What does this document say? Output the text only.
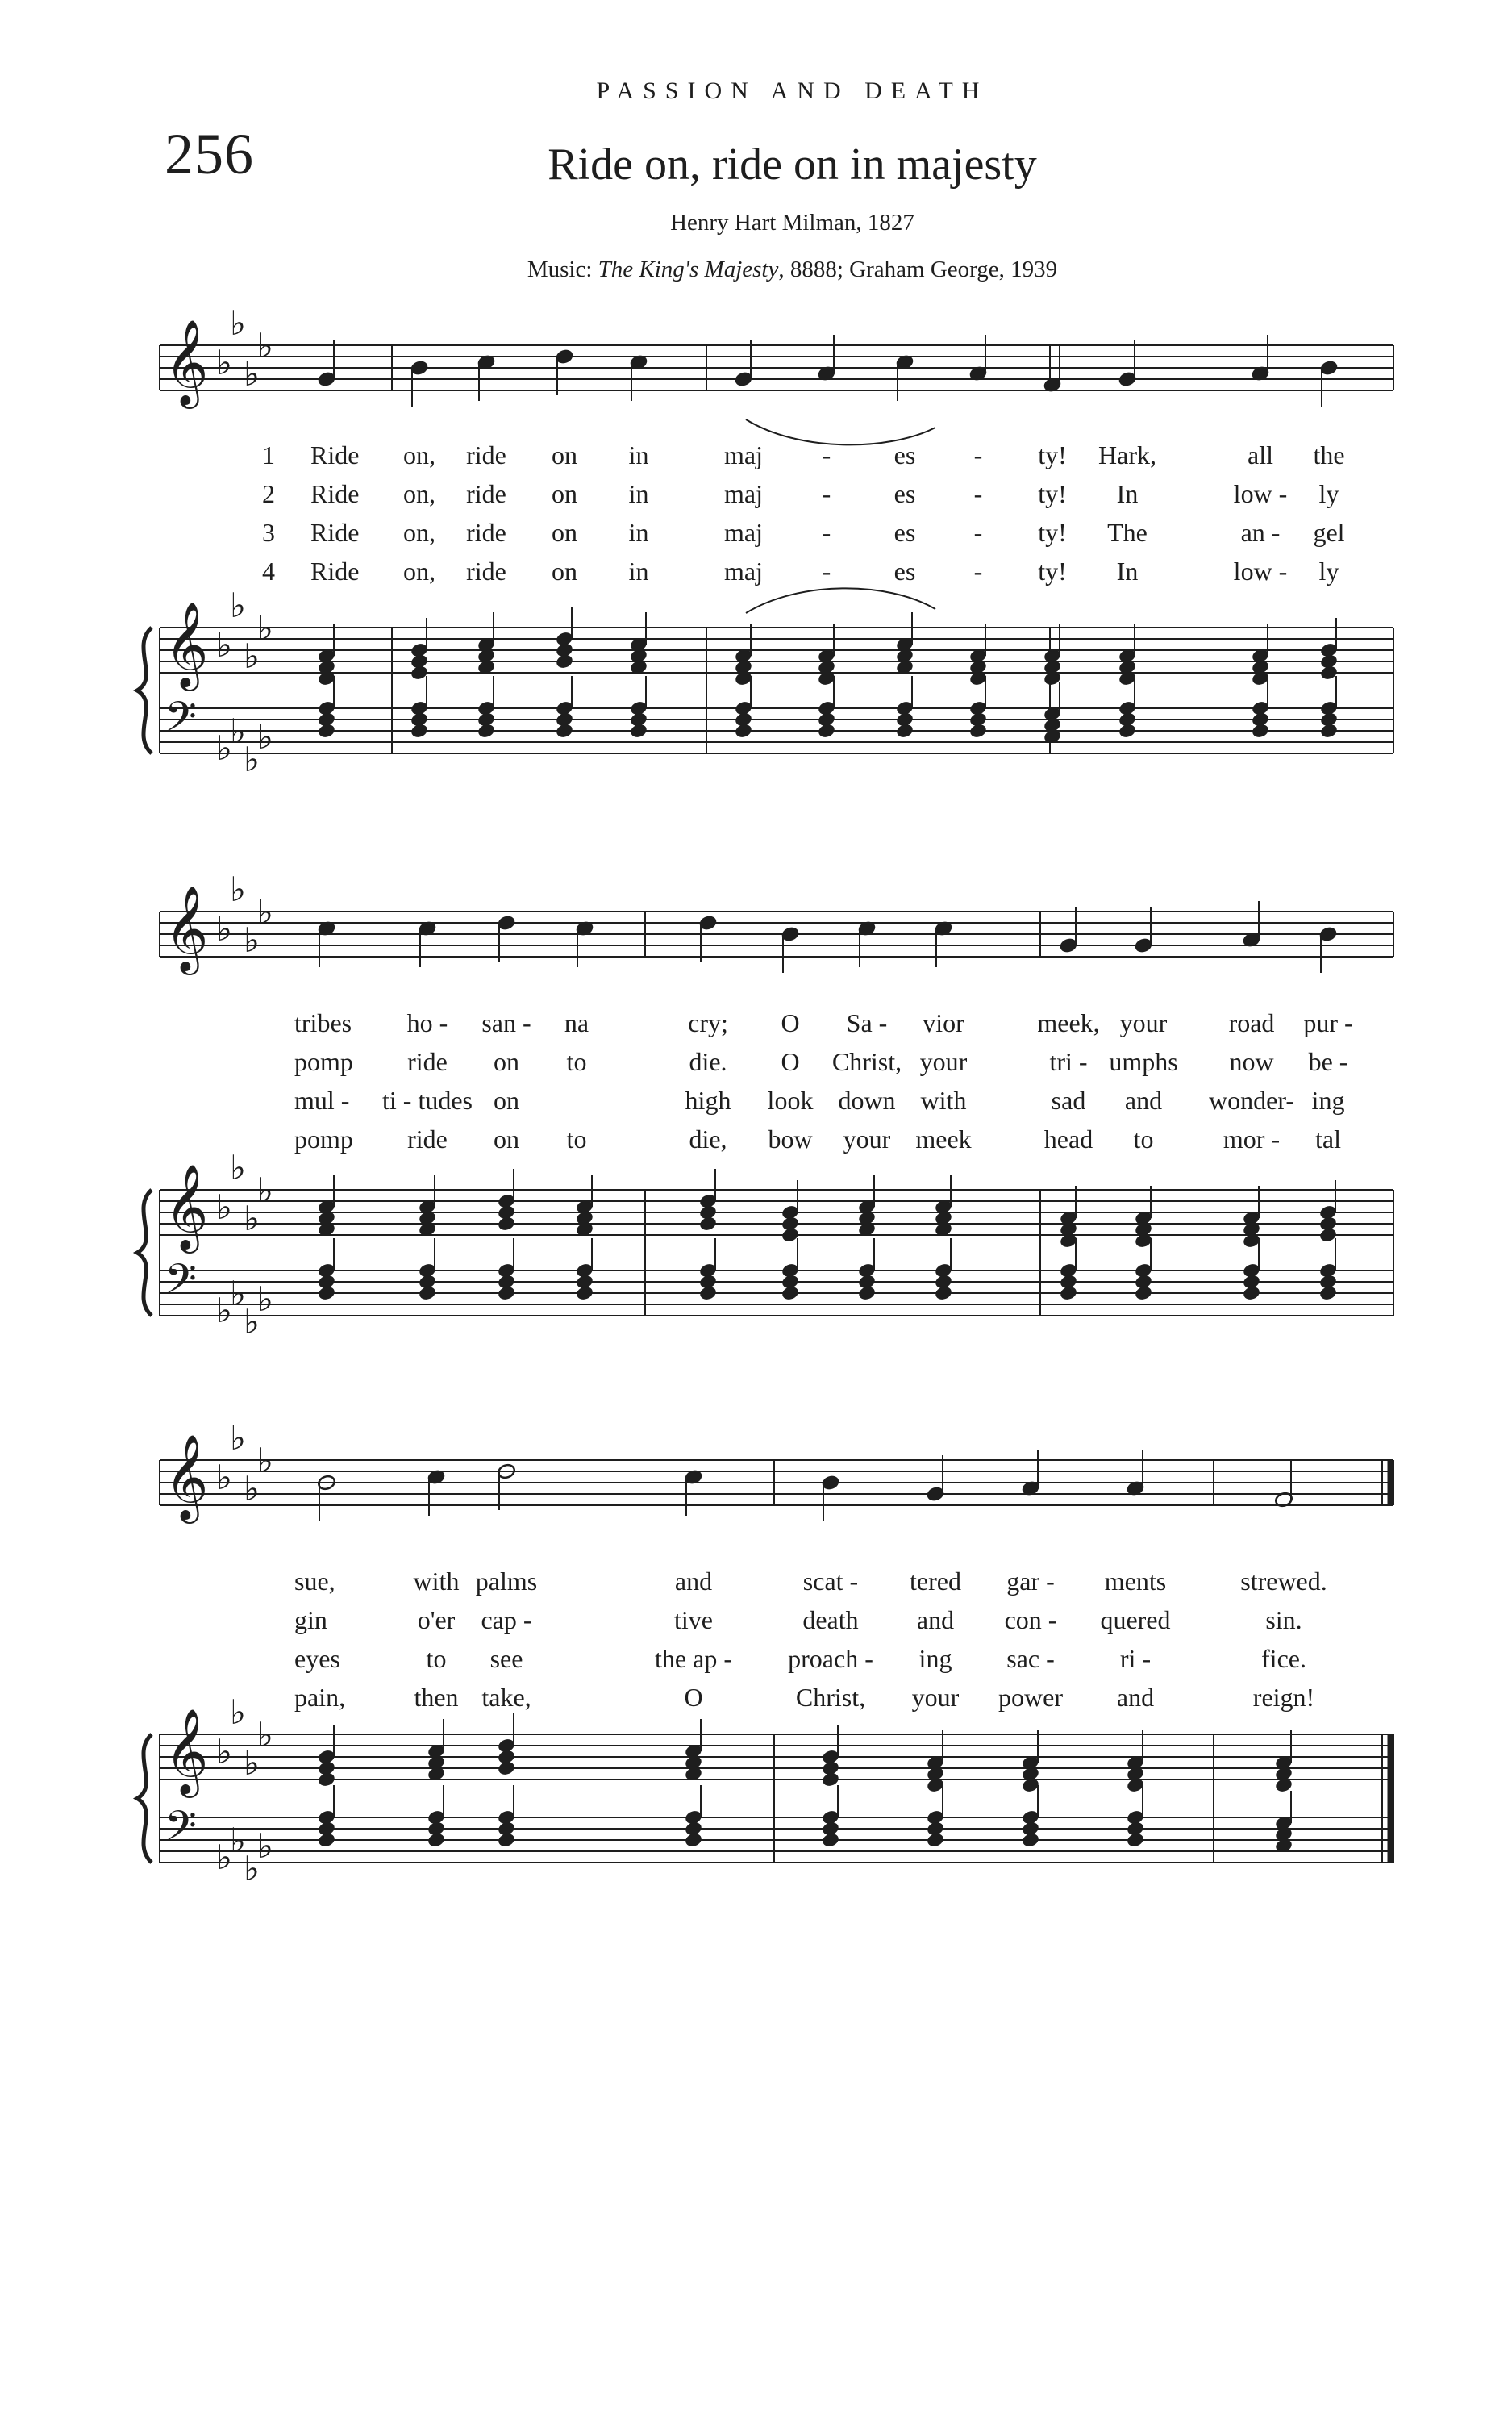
PASSION AND DEATH
256	Ride on, ride on in majesty
Henry Hart Milman, 1827
Music: The King's Majesty, 8888; Graham George, 1939
𝄞 ♭
♭
♭
♭
𝄞 ♭
♭
♭
♭
𝄢 ♭
♭
♭
♭
𝄞 ♭
♭
♭
♭
𝄞 ♭
♭
♭
♭
𝄢 ♭
♭
♭
♭
𝄞 ♭
♭
♭
♭
𝄞 ♭
♭
♭
♭
𝄢 ♭
♭
♭
♭
1 Ride on, ride on in	maj - es - ty! Hark,	all the
2 Ride on, ride on in	maj - es - ty! In	low - ly
3 Ride on, ride on in	maj - es - ty! The	an - gel
4 Ride on, ride on in	maj - es - ty! In	low - ly
tribes ho - san - na	cry; O Sa - vior	meek, your road pur -
pomp ride on to	die. O Christ, your	tri - umphs now be -
mul - ti - tudes on	high look down with	sad and wonder- ing
pomp ride on to	die, bow your meek	head to	mor - tal
sue,	with palms	and	scat - tered gar - ments	strewed.
gin	o'er cap -	tive	death and con - quered	sin.
eyes	to see	the ap - proach - ing sac -	ri -	fice.
pain,	then take,	O	Christ, your power and	reign!
